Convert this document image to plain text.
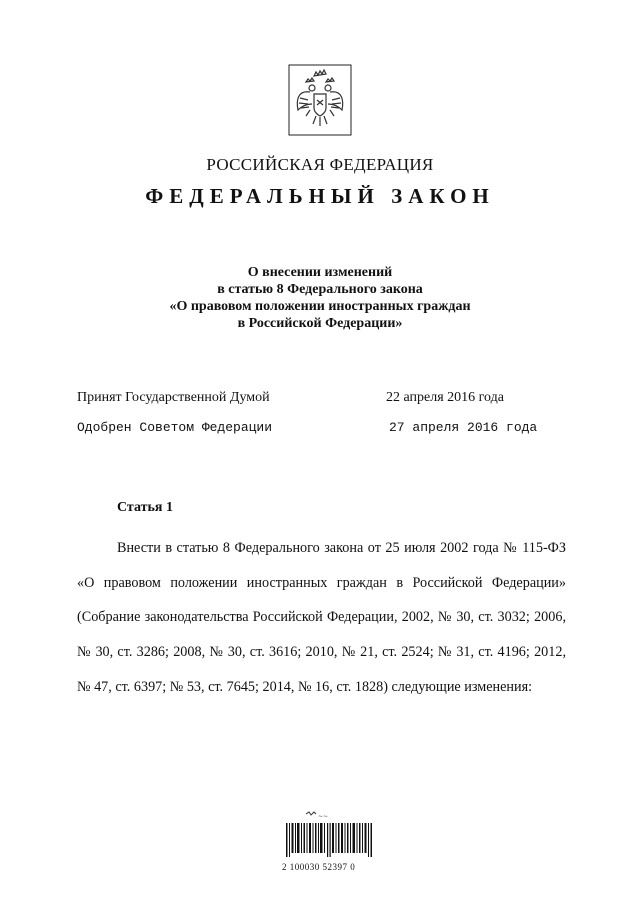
РОССИЙСКАЯ ФЕДЕРАЦИЯ
ФЕДЕРАЛЬНЫЙ ЗАКОН
О внесении изменений
в статью 8 Федерального закона
«О правовом положении иностранных граждан
в Российской Федерации»
Принят Государственной Думой	22 апреля 2016 года
Одобрен Советом Федерации	27 апреля 2016 года
Статья 1

Внести в статью 8 Федерального закона от 25 июля 2002 года № 115-ФЗ «О правовом положении иностранных граждан в Российской Федерации» (Собрание законодательства Российской Федерации, 2002, № 30, ст. 3032; 2006, № 30, ст. 3286; 2008, № 30, ст. 3616; 2010, № 21, ст. 2524; № 31, ст. 4196; 2012, № 47, ст. 6397; № 53, ст. 7645; 2014, № 16, ст. 1828) следующие изменения:

∼∼
2 100030 52397 0
